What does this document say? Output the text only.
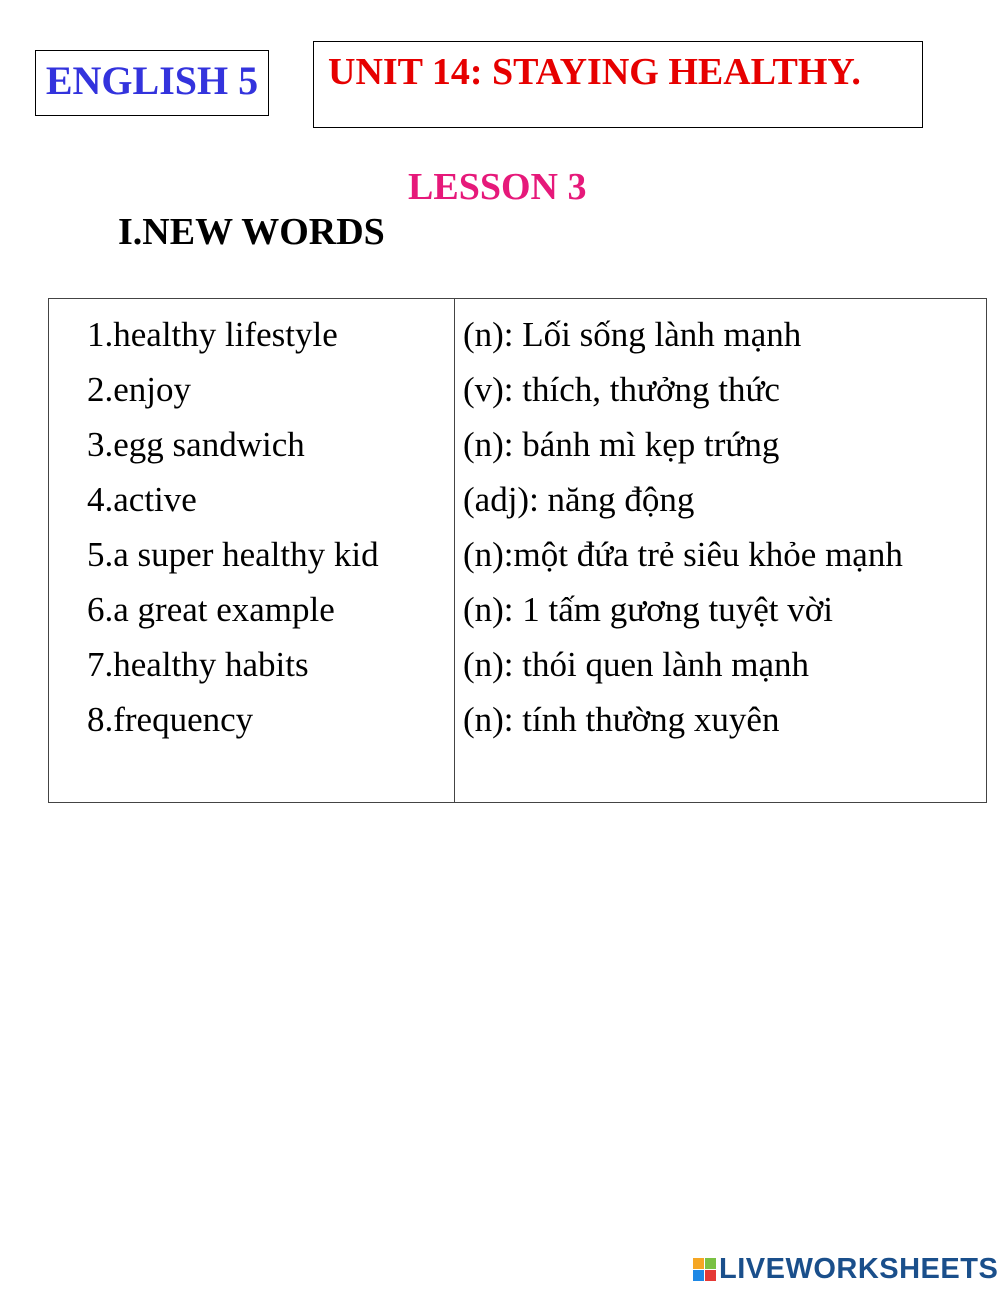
ENGLISH 5 UNIT 14: STAYING HEALTHY.
LESSON 3
I.NEW WORDS
1.healthy lifestyle	(n): Lối sống lành mạnh
2.enjoy	(v): thích, thưởng thức
3.egg sandwich	(n): bánh mì kẹp trứng
4.active	(adj): năng động
5.a super healthy kid (n):một đứa trẻ siêu khỏe mạnh
6.a great example	(n): 1 tấm gương tuyệt vời
7.healthy habits	(n): thói quen lành mạnh
8.frequency	(n): tính thường xuyên
LIVEWORKSHEETS
